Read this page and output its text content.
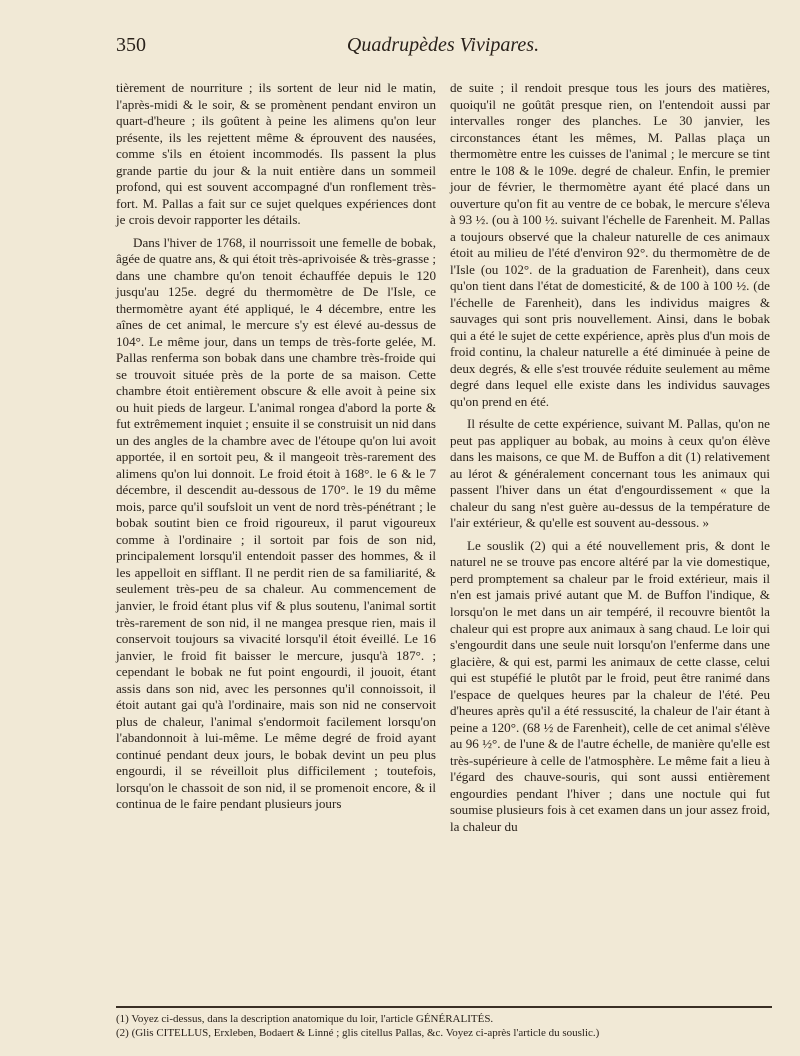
350	Quadrupèdes Vivipares.

tièrement de nourriture ; ils sortent de leur nid le matin, l'après-midi & le soir, & se promènent pendant environ un quart-d'heure ; ils goûtent à peine les alimens qu'on leur présente, ils les rejettent même & éprouvent des nausées, comme s'ils en étoient incommodés. Ils passent la plus grande partie du jour & la nuit entière dans un sommeil profond, qui est souvent accompagné d'un ronflement très-fort. M. Pallas a fait sur ce sujet quelques expériences dont je crois devoir rapporter les détails.

Dans l'hiver de 1768, il nourrissoit une femelle de bobak, âgée de quatre ans, & qui étoit très-aprivoisée & très-grasse ; dans une chambre qu'on tenoit échauffée depuis le 120 jusqu'au 125e. degré du thermomètre de De l'Isle, ce thermomètre ayant été appliqué, le 4 décembre, entre les aînes de cet animal, le mercure s'y est élevé au-dessus de 104°. Le même jour, dans un temps de très-forte gelée, M. Pallas renferma son bobak dans une chambre très-froide qui se trouvoit située près de la porte de sa maison. Cette chambre étoit entièrement obscure & elle avoit à peine six ou huit pieds de largeur. L'animal rongea d'abord la porte & fut extrêmement inquiet ; ensuite il se construisit un nid dans un des angles de la chambre avec de l'étoupe qu'on lui avoit apportée, il en sortoit peu, & il mangeoit très-rarement des alimens qu'on lui donnoit. Le froid étoit à 168°. le 6 & le 7 décembre, il descendit au-dessous de 170°. le 19 du même mois, parce qu'il soufsloit un vent de nord très-pénétrant ; le bobak soutint bien ce froid rigoureux, il parut vigoureux comme à l'ordinaire ; il sortoit par fois de son nid, principalement lorsqu'il entendoit passer des hommes, & il les appelloit en sifflant. Il ne perdit rien de sa familiarité, & seulement très-peu de sa chaleur. Au commencement de janvier, le froid étant plus vif & plus soutenu, l'animal sortit très-rarement de son nid, il ne mangea presque rien, mais il conservoit toujours sa vivacité lorsqu'il étoit éveillé. Le 16 janvier, le froid fit baisser le mercure, jusqu'à 187°. ; cependant le bobak ne fut point engourdi, il jouoit, étant assis dans son nid, avec les personnes qu'il connoissoit, il étoit autant gai qu'à l'ordinaire, mais son nid ne conservoit plus de chaleur, l'animal s'endormoit facilement lorsqu'on l'abandonnoit à lui-même. Le même degré de froid ayant continué pendant deux jours, le bobak devint un peu plus engourdi, il se réveilloit plus difficilement ; toutefois, lorsqu'on le chassoit de son nid, il se promenoit encore, & il continua de le faire pendant plusieurs jours

de suite ; il rendoit presque tous les jours des matières, quoiqu'il ne goûtât presque rien, on l'entendoit aussi par intervalles ronger des planches. Le 30 janvier, les circonstances étant les mêmes, M. Pallas plaça un thermomètre entre les cuisses de l'animal ; le mercure se tint entre le 108 & le 109e. degré de chaleur. Enfin, le premier jour de février, le thermomètre ayant été placé dans un ouverture qu'on fit au ventre de ce bobak, le mercure s'éleva à 93 ½. (ou à 100 ½. suivant l'échelle de Farenheit. M. Pallas a toujours observé que la chaleur naturelle de ces animaux étoit au milieu de l'été d'environ 92°. du thermomètre de de l'Isle (ou 102°. de la graduation de Farenheit), dans ceux qu'on tient dans l'état de domesticité, & de 100 à 100 ½. (de l'échelle de Farenheit), dans les individus maigres & sauvages qui sont pris nouvellement. Ainsi, dans le bobak qui a été le sujet de cette expérience, après plus d'un mois de froid continu, la chaleur naturelle a été diminuée à peine de deux degrés, & elle s'est trouvée réduite seulement au même degré dans lequel elle existe dans les individus sauvages qu'on prend en été.

Il résulte de cette expérience, suivant M. Pallas, qu'on ne peut pas appliquer au bobak, au moins à ceux qu'on élève dans les maisons, ce que M. de Buffon a dit (1) relativement au lérot & généralement concernant tous les animaux qui passent l'hiver dans un état d'engourdissement « que la chaleur du sang n'est guère au-dessus de la température de l'air extérieur, & qu'elle est souvent au-dessous. »

Le souslik (2) qui a été nouvellement pris, & dont le naturel ne se trouve pas encore altéré par la vie domestique, perd promptement sa chaleur par le froid extérieur, mais il n'en est jamais privé autant que M. de Buffon l'indique, & lorsqu'on le met dans un air tempéré, il recouvre bientôt la chaleur qui est propre aux animaux à sang chaud. Le loir qui s'engourdit dans une seule nuit lorsqu'on l'enferme dans une glacière, & qui est, parmi les animaux de cette classe, celui qui est stupéfié le plutôt par le froid, peut être ranimé dans l'espace de quelques heures par la chaleur de l'été. Peu d'heures après qu'il a été ressuscité, la chaleur de l'air étant à peine a 120°. (68 ½ de Farenheit), celle de cet animal s'élève au 96 ½°. de l'une & de l'autre échelle, de manière qu'elle est très-supérieure à celle de l'atmosphère. Le même fait a lieu à l'égard des chauve-souris, qui sont aussi entièrement engourdies pendant l'hiver ; dans une noctule qui fut soumise plusieurs fois à cet examen dans un jour assez froid, la chaleur du

(1) Voyez ci-dessus, dans la description anatomique du loir, l'article GÉNÉRALITÉS.
(2) (Glis CITELLUS, Erxleben, Bodaert & Linné ; glis citellus Pallas, &c. Voyez ci-après l'article du souslic.)
